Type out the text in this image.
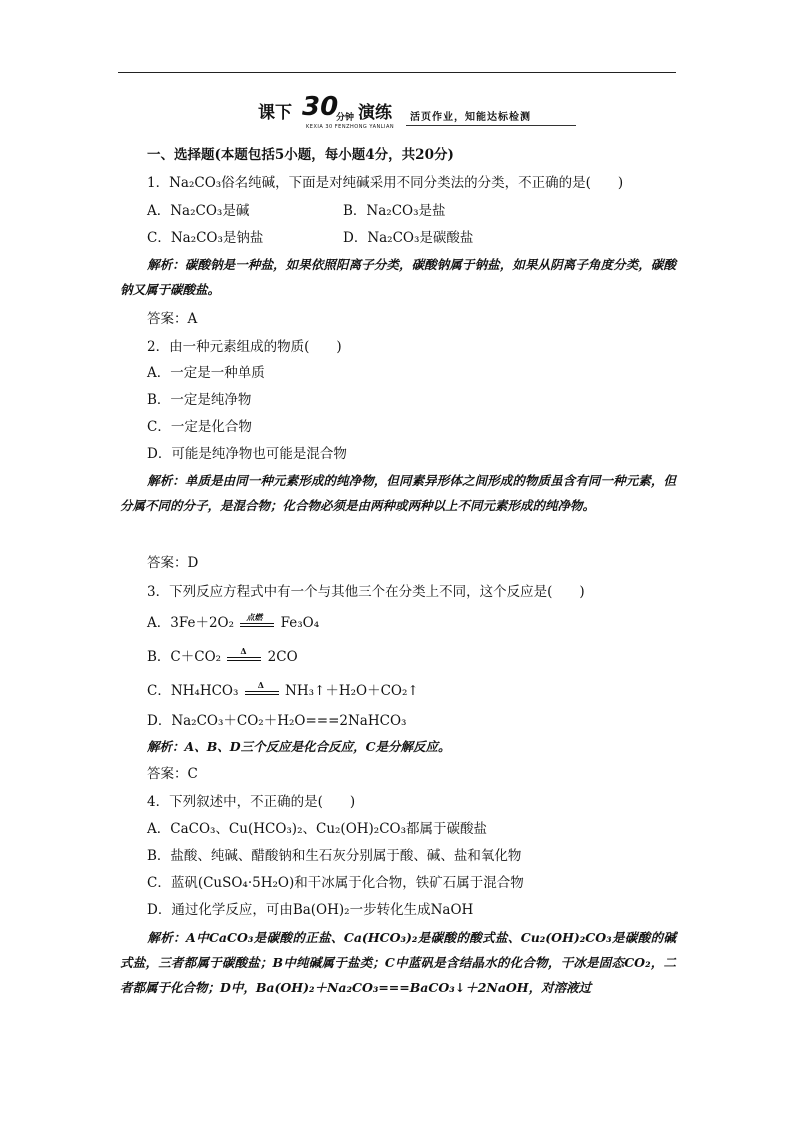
课下 30
分钟 演练	活页作业，知能达标检测
KEXIA 30 FENZHONG YANLIAN
一、选择题(本题包括5小题，每小题4分，共20分)
1．Na₂CO₃俗名纯碱，下面是对纯碱采用不同分类法的分类，不正确的是(　　)
A．Na₂CO₃是碱	B．Na₂CO₃是盐
C．Na₂CO₃是钠盐	D．Na₂CO₃是碳酸盐
解析：碳酸钠是一种盐，如果依照阳离子分类，碳酸钠属于钠盐，如果从阴离子角度分类，碳酸钠又属于碳酸盐。
答案：A
2．由一种元素组成的物质(　　)
A．一定是一种单质
B．一定是纯净物
C．一定是化合物
D．可能是纯净物也可能是混合物
解析：单质是由同一种元素形成的纯净物，但同素异形体之间形成的物质虽含有同一种元素，但分属不同的分子，是混合物；化合物必须是由两种或两种以上不同元素形成的纯净物。
答案：D
3．下列反应方程式中有一个与其他三个在分类上不同，这个反应是(　　)
A．3Fe＋2O₂ 点燃 Fe₃O₄
B．C＋CO₂ Δ 2CO
C．NH₄HCO₃ Δ NH₃↑＋H₂O＋CO₂↑
D．Na₂CO₃＋CO₂＋H₂O===2NaHCO₃
解析：A、B、D三个反应是化合反应，C是分解反应。
答案：C
4．下列叙述中，不正确的是(　　)
A．CaCO₃、Cu(HCO₃)₂、Cu₂(OH)₂CO₃都属于碳酸盐
B．盐酸、纯碱、醋酸钠和生石灰分别属于酸、碱、盐和氧化物
C．蓝矾(CuSO₄·5H₂O)和干冰属于化合物，铁矿石属于混合物
D．通过化学反应，可由Ba(OH)₂一步转化生成NaOH
解析：A中CaCO₃是碳酸的正盐、Ca(HCO₃)₂是碳酸的酸式盐、Cu₂(OH)₂CO₃是碳酸的碱式盐，三者都属于碳酸盐；B中纯碱属于盐类；C中蓝矾是含结晶水的化合物，干冰是固态CO₂，二者都属于化合物；D中，Ba(OH)₂＋Na₂CO₃===BaCO₃↓＋2NaOH，对溶液过
